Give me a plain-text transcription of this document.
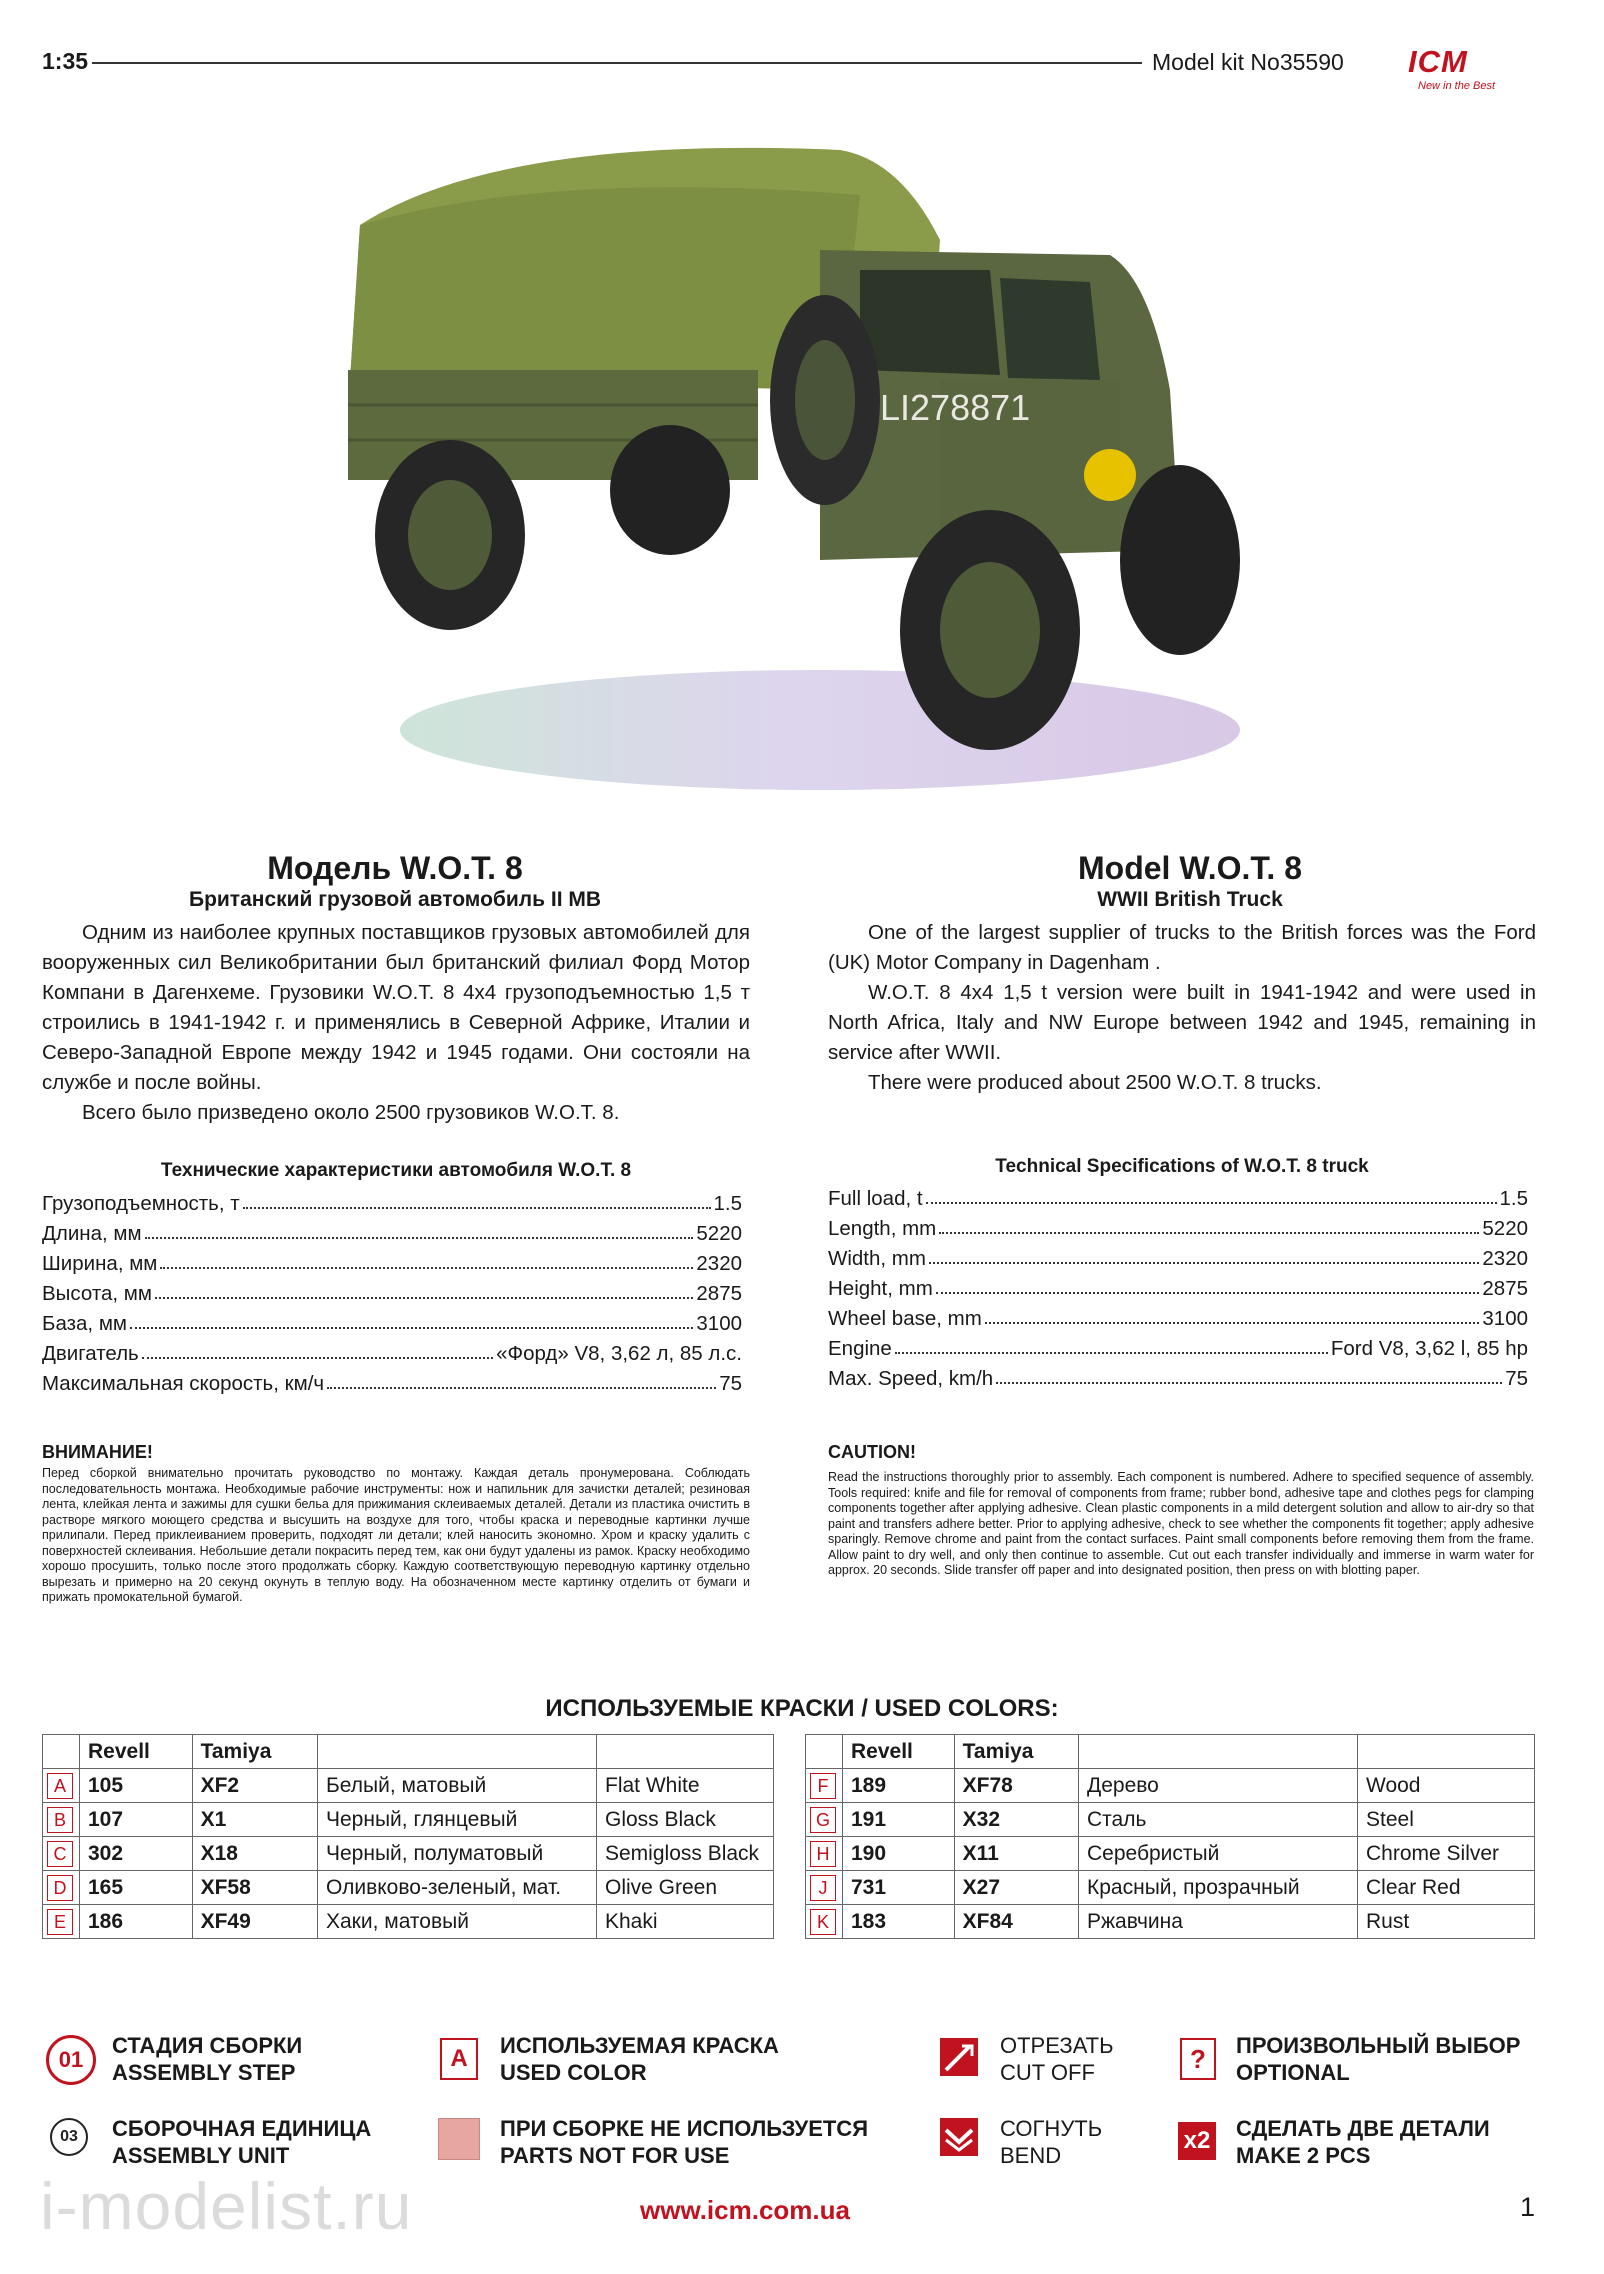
1:35	Model kit No35590 ICM
New in the Best
LI278871
Модель W.O.T. 8
Британский грузовой автомобиль II МВ
Model W.O.T. 8
WWII British Truck
Одним из наиболее крупных поставщиков грузовых автомобилей для вооруженных сил Великобритании был британский филиал Форд Мотор Компани в Дагенхеме. Грузовики W.O.T. 8 4x4 грузоподъемностью 1,5 т строились в 1941-1942 г. и применялись в Северной Африке, Италии и Северо-Западной Европе между 1942 и 1945 годами. Они состояли на службе и после войны.
Всего было призведено около 2500 грузовиков W.O.T. 8.
One of the largest supplier of trucks to the British forces was the Ford (UK) Motor Company in Dagenham .
W.O.T. 8 4x4 1,5 t version were built in 1941-1942 and were used in North Africa, Italy and NW Europe between 1942 and 1945, remaining in service after WWII.
There were produced about 2500 W.O.T. 8 trucks.
Технические характеристики автомобиля W.O.T. 8
Грузоподъемность, т	1.5
Длина, мм	5220
Ширина, мм	2320
Высота, мм	2875
База, мм	3100
Двигатель	«Форд» V8, 3,62 л, 85 л.с.
Максимальная скорость, км/ч	75
Technical Specifications of W.O.T. 8 truck
Full load, t	1.5
Length, mm	5220
Width, mm	2320
Height, mm	2875
Wheel base, mm	3100
Engine	Ford V8, 3,62 l, 85 hp
Max. Speed, km/h	75
ВНИМАНИЕ!
Перед сборкой внимательно прочитать руководство по монтажу. Каждая деталь пронумерована. Соблюдать последовательность монтажа. Необходимые рабочие инструменты: нож и напильник для зачистки деталей; резиновая лента, клейкая лента и зажимы для сушки бельа для прижимания склеиваемых деталей. Детали из пластика очистить в растворе мягкого моющего средства и высушить на воздухе для того, чтобы краска и переводные картинки лучше прилипали. Перед приклеиванием проверить, подходят ли детали; клей наносить экономно. Хром и краску удалить с поверхностей склеивания. Небольшие детали покрасить перед тем, как они будут удалены из рамок. Краску необходимо хорошо просушить, только после этого продолжать сборку. Каждую соответствующую переводную картинку отдельно вырезать и примерно на 20 секунд окунуть в теплую воду. На обозначенном месте картинку отделить от бумаги и прижать промокательной бумагой.
CAUTION!
Read the instructions thoroughly prior to assembly. Each component is numbered. Adhere to specified sequence of assembly. Tools required: knife and file for removal of components from frame; rubber bond, adhesive tape and clothes pegs for clamping components together after applying adhesive. Clean plastic components in a mild detergent solution and allow to air-dry so that paint and transfers adhere better. Prior to applying adhesive, check to see whether the components fit together; apply adhesive sparingly. Remove chrome and paint from the contact surfaces. Paint small components before removing them from the frame. Allow paint to dry well, and only then continue to assemble. Cut out each transfer individually and immerse in warm water for approx. 20 seconds. Slide transfer off paper and into designated position, then press on with blotting paper.
ИСПОЛЬЗУЕМЫЕ КРАСКИ / USED COLORS:
	Revell	Tamiya		
A	105	XF2	Белый, матовый	Flat White
B	107	X1	Черный, глянцевый	Gloss Black
C	302	X18	Черный, полуматовый	Semigloss Black
D	165	XF58	Оливково-зеленый, мат.	Olive Green
E	186	XF49	Хаки, матовый	Khaki
	Revell	Tamiya		
F	189	XF78	Дерево	Wood
G	191	X32	Сталь	Steel
H	190	X11	Серебристый	Chrome Silver
J	731	X27	Красный, прозрачный	Clear Red
K	183	XF84	Ржавчина	Rust
01
СТАДИЯ СБОРКИ
ASSEMBLY STEP
03	СБОРОЧНАЯ ЕДИНИЦА
ASSEMBLY UNIT
A	ИСПОЛЬЗУЕМАЯ КРАСКА
USED COLOR
ПРИ СБОРКЕ НЕ ИСПОЛЬЗУЕТСЯ
PARTS NOT FOR USE
ОТРЕЗАТЬ
CUT OFF
СОГНУТЬ
BEND
?	ПРОИЗВОЛЬНЫЙ ВЫБОР
OPTIONAL
x2 СДЕЛАТЬ ДВЕ ДЕТАЛИ
MAKE 2 PCS
i-modelist.ru	www.icm.com.ua	1
